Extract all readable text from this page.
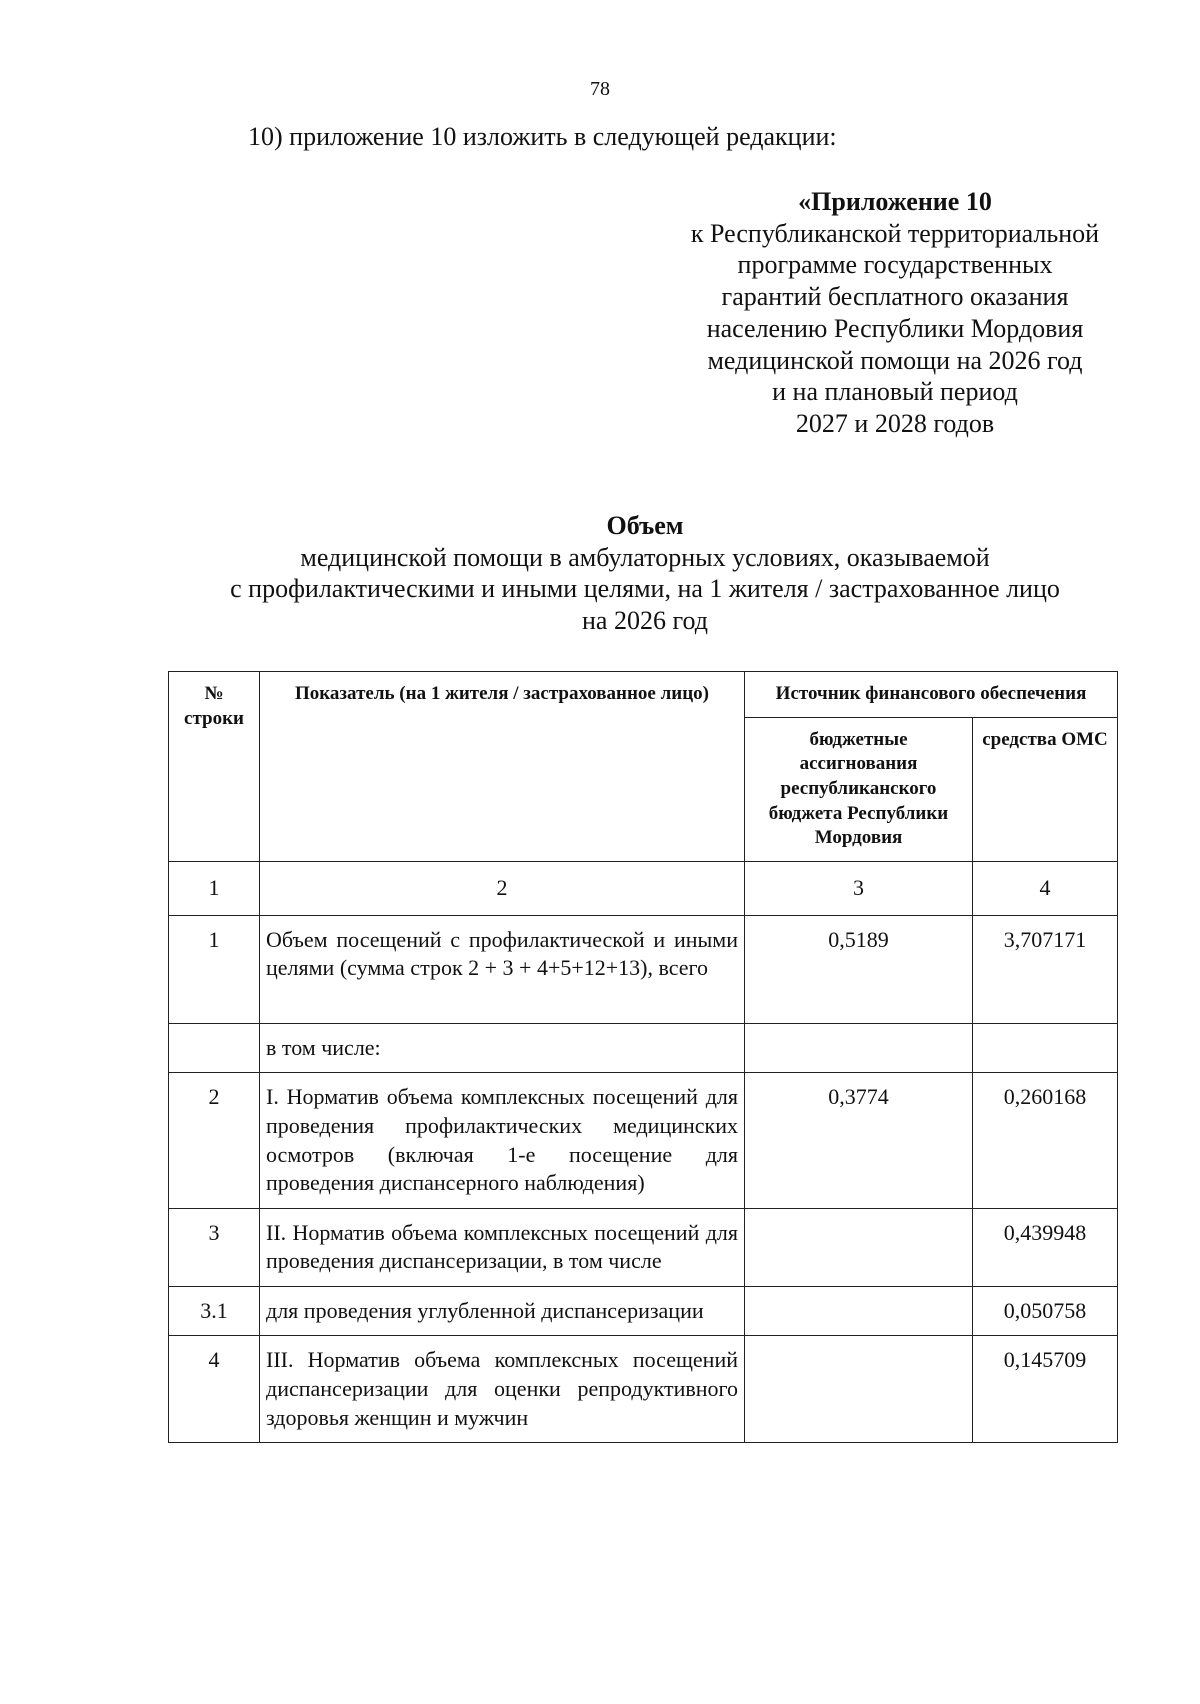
78
10) приложение 10 изложить в следующей редакции:
«Приложение 10
к Республиканской территориальной
программе государственных
гарантий бесплатного оказания
населению Республики Мордовия
медицинской помощи на 2026 год
и на плановый период
2027 и 2028 годов
Объем
медицинской помощи в амбулаторных условиях, оказываемой
с профилактическими и иными целями, на 1 жителя / застрахованное лицо
на 2026 год
№ строки	Показатель (на 1 жителя / застрахованное лицо)	Источник финансового обеспечения	
		бюджетные ассигнования республиканского бюджета Республики Мордовия	средства ОМС
1	2	3	4
1	Объем посещений с профилактической и иными целями (сумма строк 2 + 3 + 4+5+12+13), всего	0,5189	3,707171
	в том числе:		
2	I. Норматив объема комплексных посещений для проведения профилактических медицинских осмотров (включая 1-е посещение для проведения диспансерного наблюдения)	0,3774	0,260168
3	II. Норматив объема комплексных посещений для проведения диспансеризации, в том числе		0,439948
3.1	для проведения углубленной диспансеризации		0,050758
4	III. Норматив объема комплексных посещений диспансеризации для оценки репродуктивного здоровья женщин и мужчин		0,145709
